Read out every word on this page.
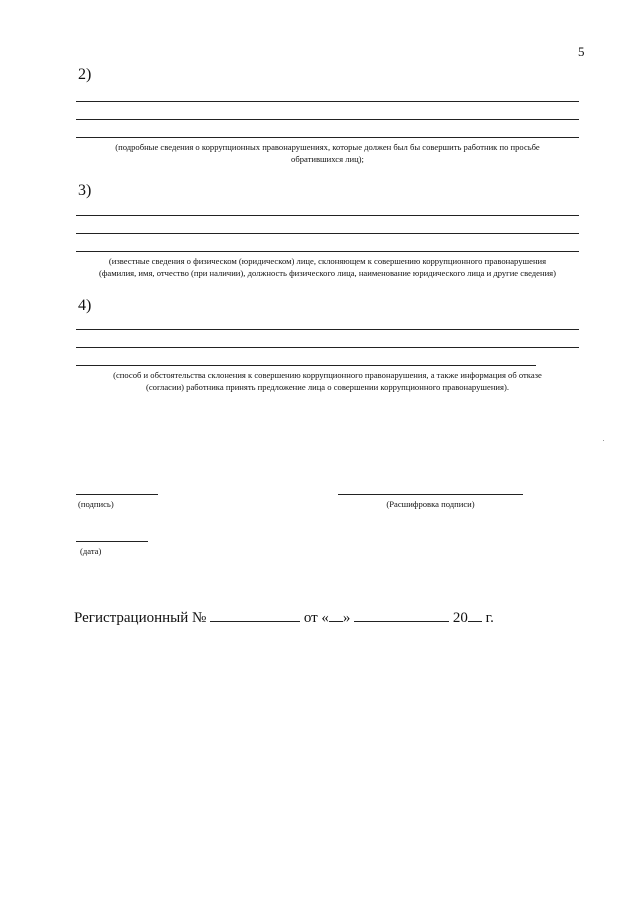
5
2)
(подробные сведения о коррупционных правонарушениях, которые должен был бы совершить работник по просьбе
обратившихся лиц);
3)
(известные сведения о физическом (юридическом) лице, склоняющем к совершению коррупционного правонарушения
(фамилия, имя, отчество (при наличии), должность физического лица, наименование юридического лица и другие сведения)
4)
(способ и обстоятельства склонения к совершению коррупционного правонарушения, а также информация об отказе
(согласии) работника принять предложение лица о совершении коррупционного правонарушения).
(подпись)	(Расшифровка подписи)
(дата)
Регистрационный №	от « »	20 г.
